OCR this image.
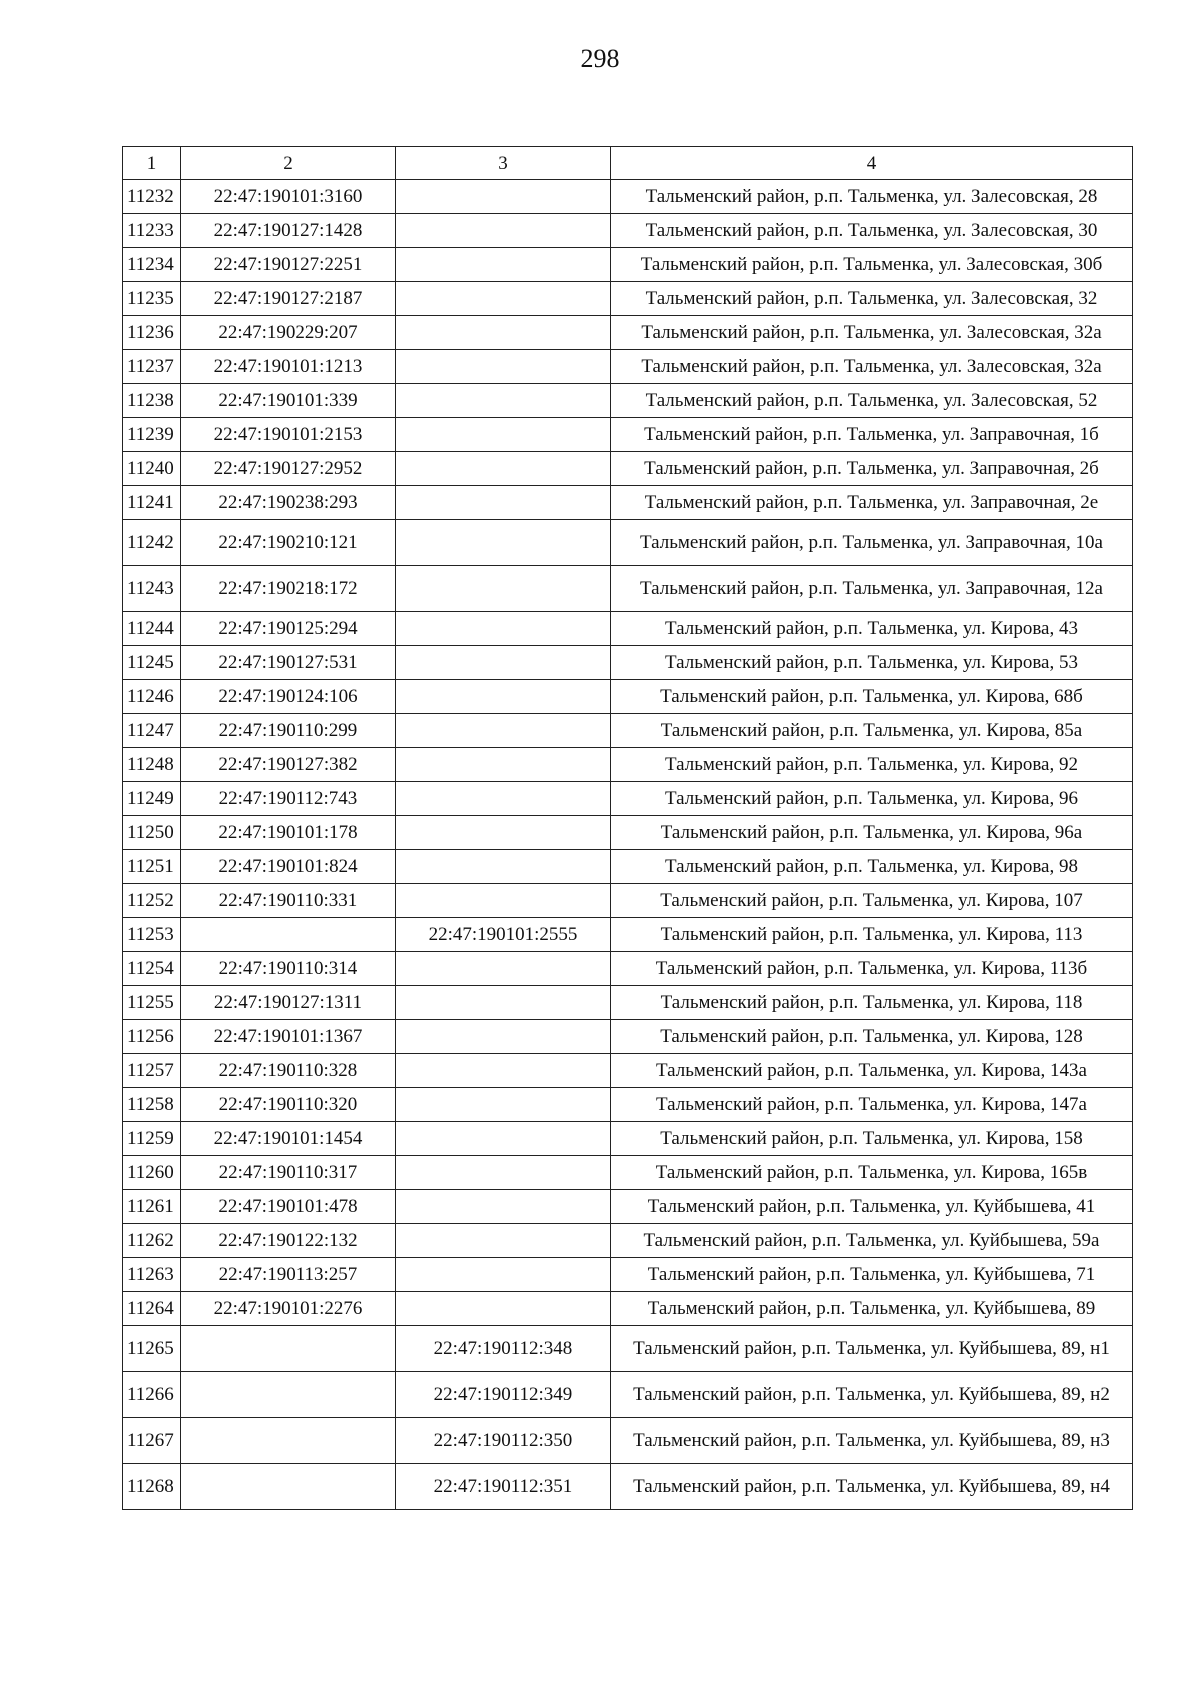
298
1	2	3	4
11232	22:47:190101:3160		Тальменский район, р.п. Тальменка, ул. Залесовская, 28
11233	22:47:190127:1428		Тальменский район, р.п. Тальменка, ул. Залесовская, 30
11234	22:47:190127:2251		Тальменский район, р.п. Тальменка, ул. Залесовская, 30б
11235	22:47:190127:2187		Тальменский район, р.п. Тальменка, ул. Залесовская, 32
11236	22:47:190229:207		Тальменский район, р.п. Тальменка, ул. Залесовская, 32а
11237	22:47:190101:1213		Тальменский район, р.п. Тальменка, ул. Залесовская, 32а
11238	22:47:190101:339		Тальменский район, р.п. Тальменка, ул. Залесовская, 52
11239	22:47:190101:2153		Тальменский район, р.п. Тальменка, ул. Заправочная, 1б
11240	22:47:190127:2952		Тальменский район, р.п. Тальменка, ул. Заправочная, 2б
11241	22:47:190238:293		Тальменский район, р.п. Тальменка, ул. Заправочная, 2е
11242	22:47:190210:121		Тальменский район, р.п. Тальменка, ул. Заправочная, 10а
11243	22:47:190218:172		Тальменский район, р.п. Тальменка, ул. Заправочная, 12а
11244	22:47:190125:294		Тальменский район, р.п. Тальменка, ул. Кирова, 43
11245	22:47:190127:531		Тальменский район, р.п. Тальменка, ул. Кирова, 53
11246	22:47:190124:106		Тальменский район, р.п. Тальменка, ул. Кирова, 68б
11247	22:47:190110:299		Тальменский район, р.п. Тальменка, ул. Кирова, 85а
11248	22:47:190127:382		Тальменский район, р.п. Тальменка, ул. Кирова, 92
11249	22:47:190112:743		Тальменский район, р.п. Тальменка, ул. Кирова, 96
11250	22:47:190101:178		Тальменский район, р.п. Тальменка, ул. Кирова, 96а
11251	22:47:190101:824		Тальменский район, р.п. Тальменка, ул. Кирова, 98
11252	22:47:190110:331		Тальменский район, р.п. Тальменка, ул. Кирова, 107
11253		22:47:190101:2555	Тальменский район, р.п. Тальменка, ул. Кирова, 113
11254	22:47:190110:314		Тальменский район, р.п. Тальменка, ул. Кирова, 113б
11255	22:47:190127:1311		Тальменский район, р.п. Тальменка, ул. Кирова, 118
11256	22:47:190101:1367		Тальменский район, р.п. Тальменка, ул. Кирова, 128
11257	22:47:190110:328		Тальменский район, р.п. Тальменка, ул. Кирова, 143а
11258	22:47:190110:320		Тальменский район, р.п. Тальменка, ул. Кирова, 147а
11259	22:47:190101:1454		Тальменский район, р.п. Тальменка, ул. Кирова, 158
11260	22:47:190110:317		Тальменский район, р.п. Тальменка, ул. Кирова, 165в
11261	22:47:190101:478		Тальменский район, р.п. Тальменка, ул. Куйбышева, 41
11262	22:47:190122:132		Тальменский район, р.п. Тальменка, ул. Куйбышева, 59а
11263	22:47:190113:257		Тальменский район, р.п. Тальменка, ул. Куйбышева, 71
11264	22:47:190101:2276		Тальменский район, р.п. Тальменка, ул. Куйбышева, 89
11265		22:47:190112:348	Тальменский район, р.п. Тальменка, ул. Куйбышева, 89, н1
11266		22:47:190112:349	Тальменский район, р.п. Тальменка, ул. Куйбышева, 89, н2
11267		22:47:190112:350	Тальменский район, р.п. Тальменка, ул. Куйбышева, 89, н3
11268		22:47:190112:351	Тальменский район, р.п. Тальменка, ул. Куйбышева, 89, н4
